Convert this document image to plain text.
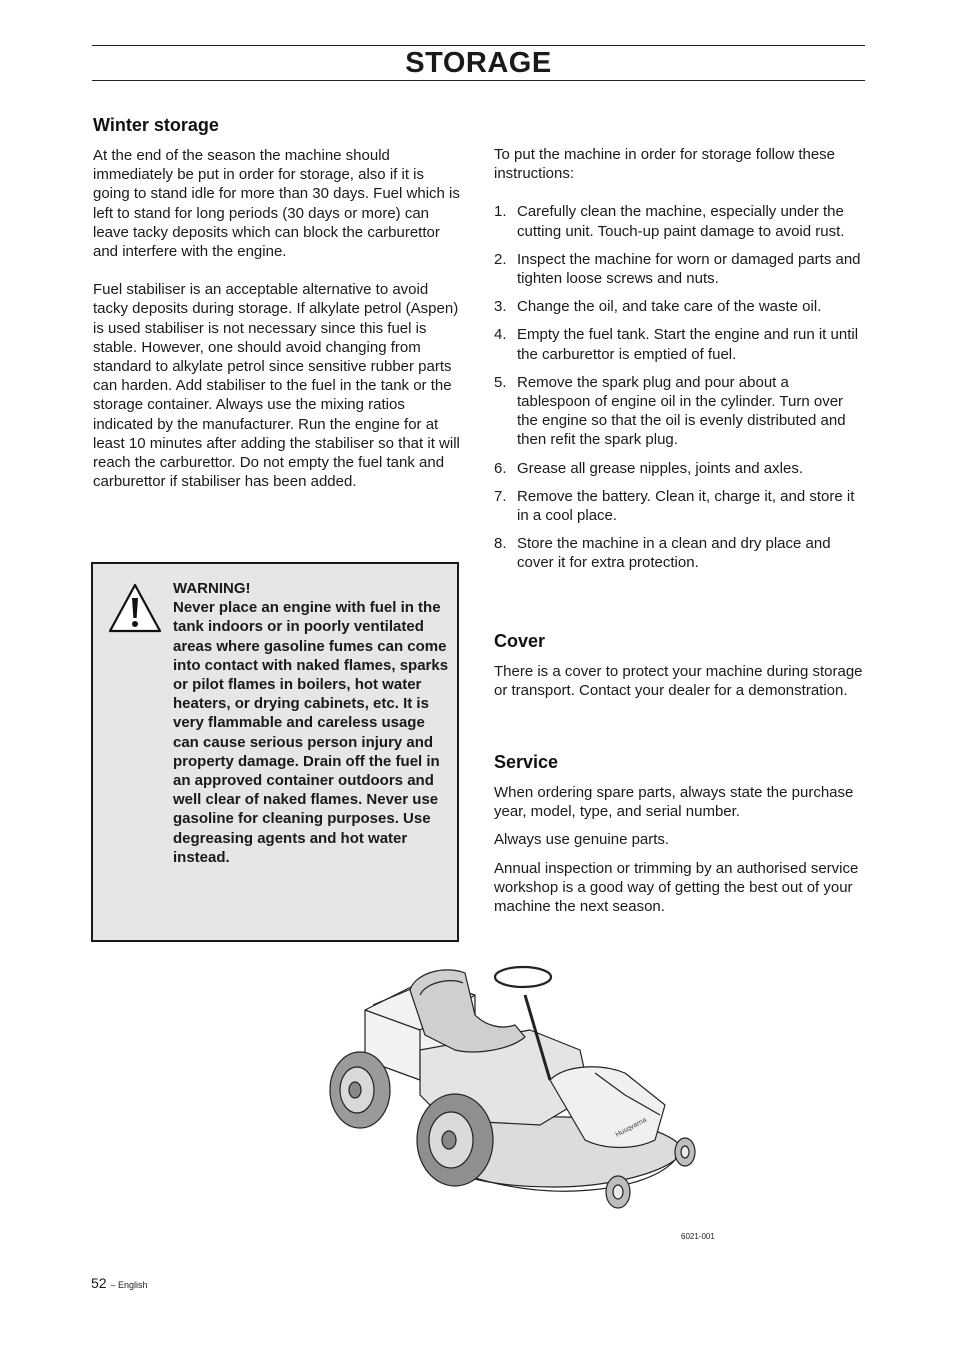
STORAGE
Winter storage

At the end of the season the machine should immediately be put in order for storage, also if it is going to stand idle for more than 30 days. Fuel which is left to stand for long periods (30 days or more) can leave tacky deposits which can block the carburettor and interfere with the engine.

Fuel stabiliser is an acceptable alternative to avoid tacky deposits during storage. If alkylate petrol (Aspen) is used stabiliser is not necessary since this fuel is stable. However, one should avoid changing from standard to alkylate petrol since sensitive rubber parts can harden. Add stabiliser to the fuel in the tank or the storage container. Always use the mixing ratios indicated by the manufacturer. Run the engine for at least 10 minutes after adding the stabiliser so that it will reach the carburettor. Do not empty the fuel tank and carburettor if stabiliser has been added.

WARNING!
Never place an engine with fuel in the tank indoors or in poorly ventilated areas where gasoline fumes can come into contact with naked flames, sparks or pilot flames in boilers, hot water heaters, or drying cabinets, etc. It is very flammable and careless usage can cause serious person injury and property damage. Drain off the fuel in an approved container outdoors and well clear of naked flames. Never use gasoline for cleaning purposes. Use degreasing agents and hot water instead.

To put the machine in order for storage follow these instructions:

1. Carefully clean the machine, especially under the cutting unit. Touch-up paint damage to avoid rust.
2. Inspect the machine for worn or damaged parts and tighten loose screws and nuts.
3. Change the oil, and take care of the waste oil.
4. Empty the fuel tank. Start the engine and run it until the carburettor is emptied of fuel.
5. Remove the spark plug and pour about a tablespoon of engine oil in the cylinder. Turn over the engine so that the oil is evenly distributed and then refit the spark plug.
6. Grease all grease nipples, joints and axles.
7. Remove the battery. Clean it, charge it, and store it in a cool place.
8. Store the machine in a clean and dry place and cover it for extra protection.
Cover

There is a cover to protect your machine during storage or transport. Contact your dealer for a demonstration.

Service

When ordering spare parts, always state the purchase year, model, type, and serial number.

Always use genuine parts.

Annual inspection or trimming by an authorised service workshop is a good way of getting the best out of your machine the next season.

Husqvarna
6021-001
52 – English
